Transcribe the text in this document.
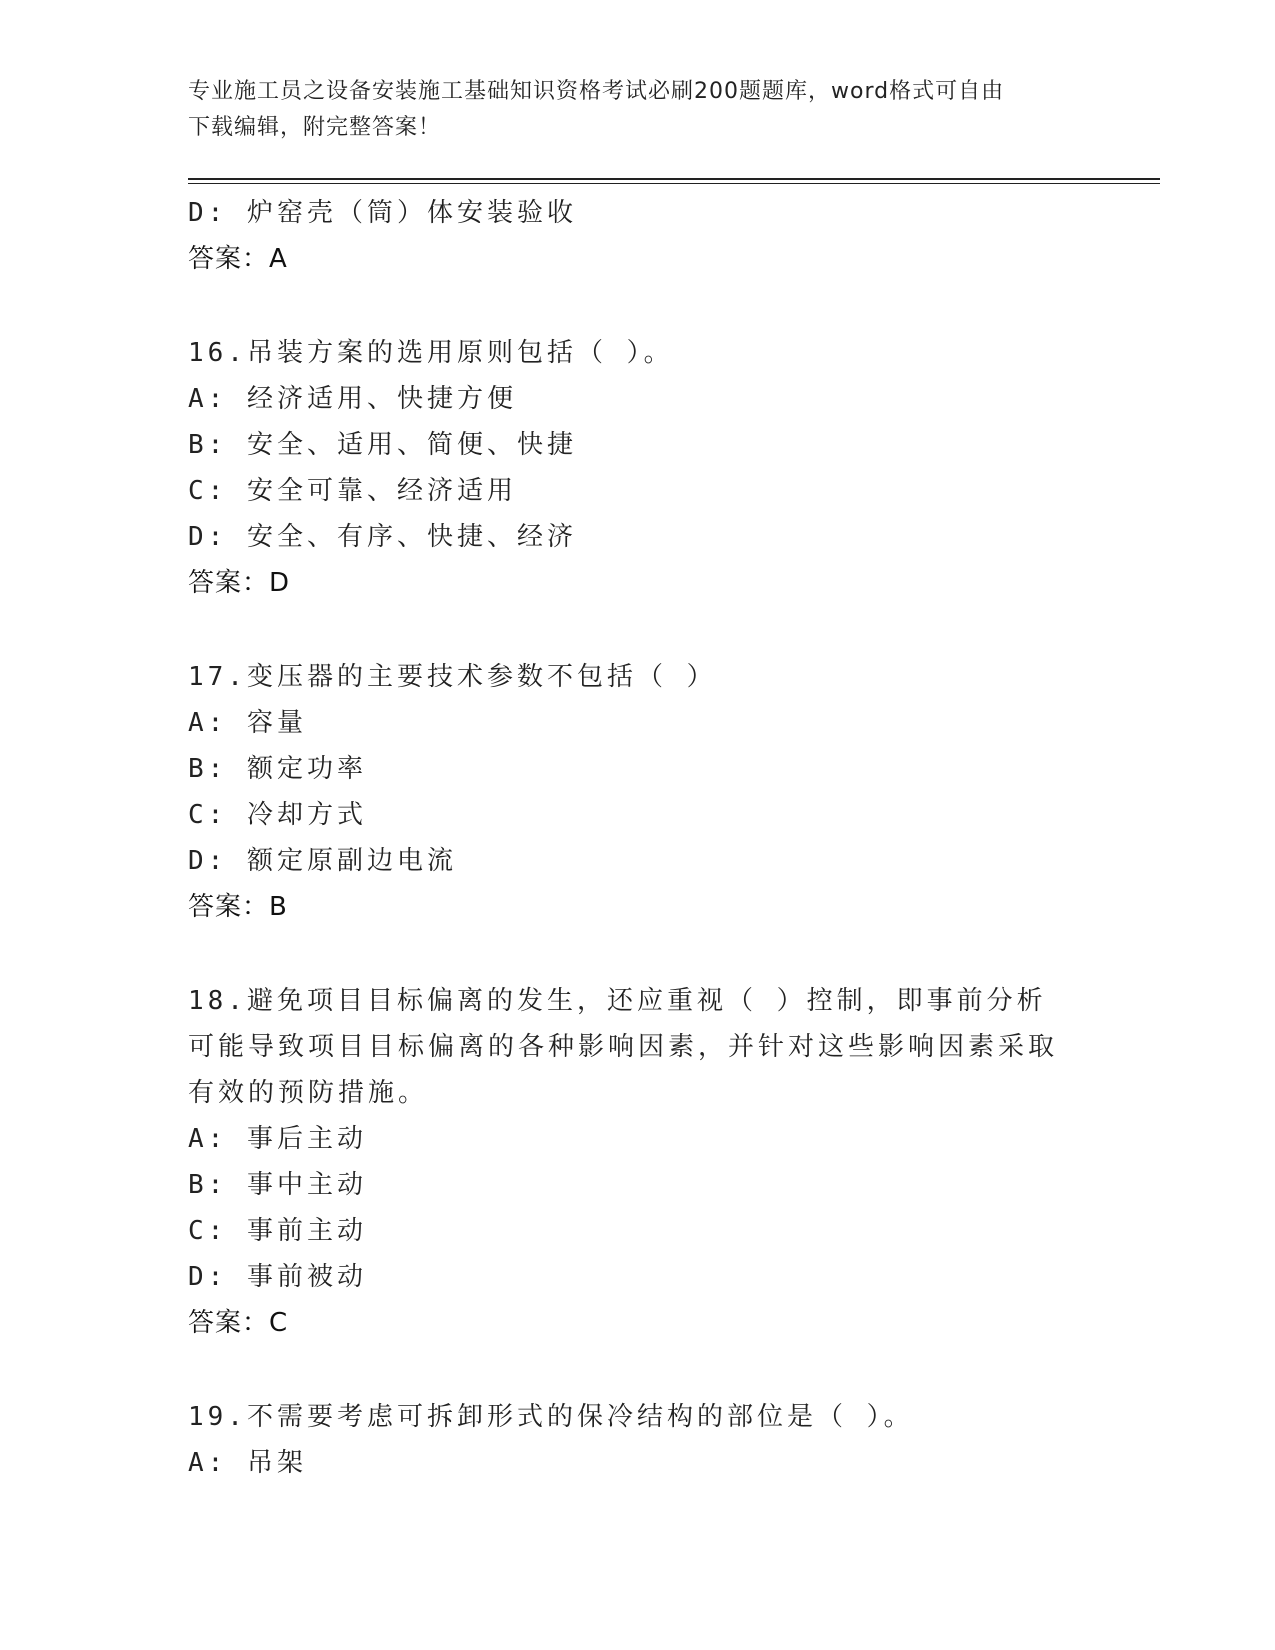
专业施工员之设备安装施工基础知识资格考试必刷200题题库，word格式可自由
下载编辑，附完整答案！
D: 炉窑壳（筒）体安装验收
答案：A
16.吊装方案的选用原则包括（ ）。
A: 经济适用、快捷方便
B: 安全、适用、简便、快捷
C: 安全可靠、经济适用
D: 安全、有序、快捷、经济
答案：D
17.变压器的主要技术参数不包括（ ）
A: 容量
B: 额定功率
C: 冷却方式
D: 额定原副边电流
答案：B
18.避免项目目标偏离的发生，还应重视（ ）控制，即事前分析可能导致项目目标偏离的各种影响因素，并针对这些影响因素采取有效的预防措施。
A: 事后主动
B: 事中主动
C: 事前主动
D: 事前被动
答案：C
19.不需要考虑可拆卸形式的保冷结构的部位是（ ）。
A: 吊架
